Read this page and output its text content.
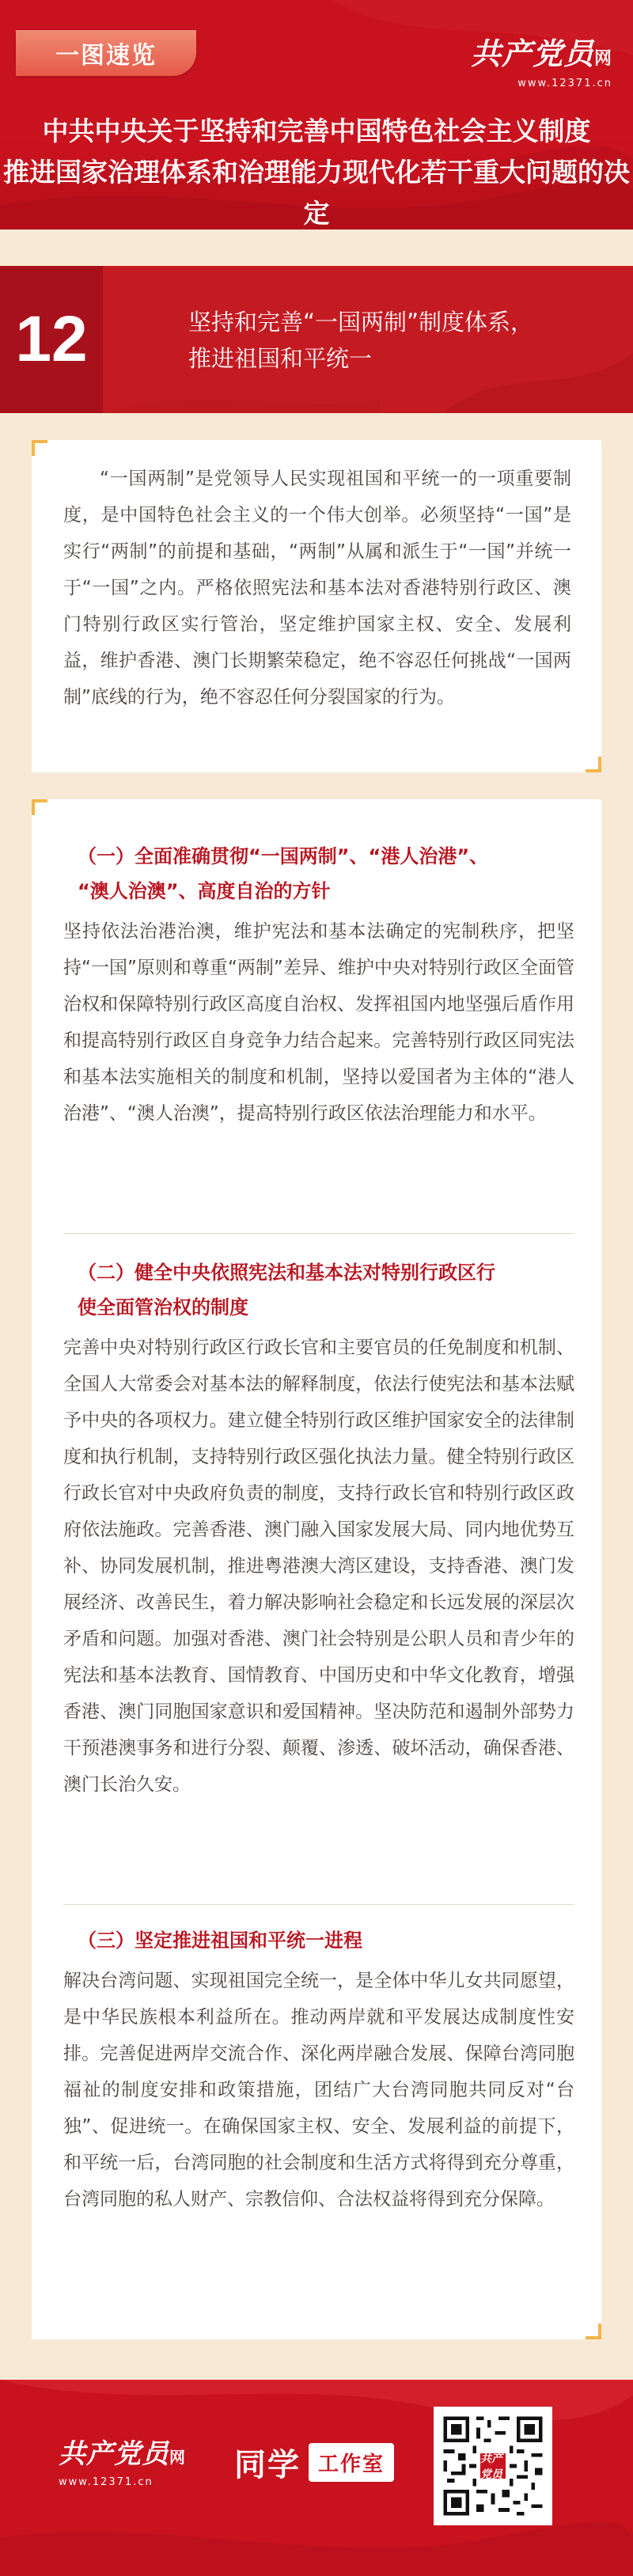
一图速览	共产党员网
www.12371.cn
中共中央关于坚持和完善中国特色社会主义制度
推进国家治理体系和治理能力现代化若干重大问题的决定
12	坚持和完善“一国两制”制度体系，
推进祖国和平统一

“一国两制”是党领导人民实现祖国和平统一的一项重要制度，是中国特色社会主义的一个伟大创举。必须坚持“一国”是实行“两制”的前提和基础，“两制”从属和派生于“一国”并统一于“一国”之内。严格依照宪法和基本法对香港特别行政区、澳门特别行政区实行管治，坚定维护国家主权、安全、发展利益，维护香港、澳门长期繁荣稳定，绝不容忍任何挑战“一国两制”底线的行为，绝不容忍任何分裂国家的行为。

（一）全面准确贯彻“一国两制”、“港人治港”、
“澳人治澳”、高度自治的方针

坚持依法治港治澳，维护宪法和基本法确定的宪制秩序，把坚持“一国”原则和尊重“两制”差异、维护中央对特别行政区全面管治权和保障特别行政区高度自治权、发挥祖国内地坚强后盾作用和提高特别行政区自身竞争力结合起来。完善特别行政区同宪法和基本法实施相关的制度和机制，坚持以爱国者为主体的“港人治港”、“澳人治澳”，提高特别行政区依法治理能力和水平。

（二）健全中央依照宪法和基本法对特别行政区行
使全面管治权的制度

完善中央对特别行政区行政长官和主要官员的任免制度和机制、全国人大常委会对基本法的解释制度，依法行使宪法和基本法赋予中央的各项权力。建立健全特别行政区维护国家安全的法律制度和执行机制，支持特别行政区强化执法力量。健全特别行政区行政长官对中央政府负责的制度，支持行政长官和特别行政区政府依法施政。完善香港、澳门融入国家发展大局、同内地优势互补、协同发展机制，推进粤港澳大湾区建设，支持香港、澳门发展经济、改善民生，着力解决影响社会稳定和长远发展的深层次矛盾和问题。加强对香港、澳门社会特别是公职人员和青少年的宪法和基本法教育、国情教育、中国历史和中华文化教育，增强香港、澳门同胞国家意识和爱国精神。坚决防范和遏制外部势力干预港澳事务和进行分裂、颠覆、渗透、破坏活动，确保香港、澳门长治久安。

（三）坚定推进祖国和平统一进程

解决台湾问题、实现祖国完全统一，是全体中华儿女共同愿望，是中华民族根本利益所在。推动两岸就和平发展达成制度性安排。完善促进两岸交流合作、深化两岸融合发展、保障台湾同胞福祉的制度安排和政策措施，团结广大台湾同胞共同反对“台独”、促进统一。在确保国家主权、安全、发展利益的前提下，和平统一后，台湾同胞的社会制度和生活方式将得到充分尊重，台湾同胞的私人财产、宗教信仰、合法权益将得到充分保障。

共产党员网
www.12371.cn	同学 工作室	共产党员
